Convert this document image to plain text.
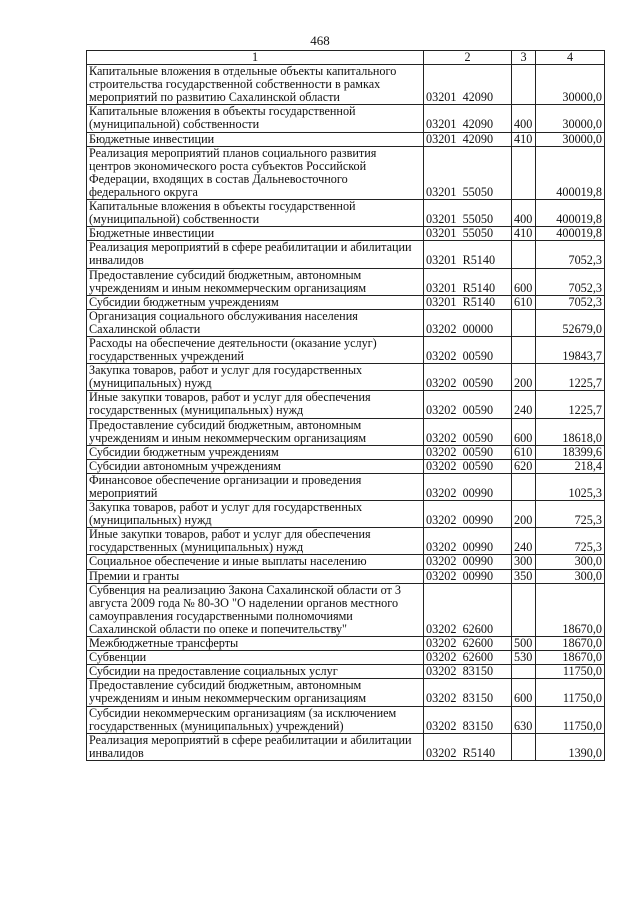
468
1	2	3	4
Капитальные вложения в отдельные объекты капитального строительства государственной собственности в рамках мероприятий по развитию Сахалинской области	03201  42090		30000,0
Капитальные вложения в объекты государственной (муниципальной) собственности	03201  42090	400	30000,0
Бюджетные инвестиции	03201  42090	410	30000,0
Реализация мероприятий планов социального развития центров экономического роста субъектов Российской Федерации, входящих в состав Дальневосточного федерального округа	03201  55050		400019,8
Капитальные вложения в объекты государственной (муниципальной) собственности	03201  55050	400	400019,8
Бюджетные инвестиции	03201  55050	410	400019,8
Реализация мероприятий в сфере реабилитации и абилитации инвалидов	03201  R5140		7052,3
Предоставление субсидий бюджетным, автономным учреждениям и иным некоммерческим организациям	03201  R5140	600	7052,3
Субсидии бюджетным учреждениям	03201  R5140	610	7052,3
Организация социального обслуживания населения Сахалинской области	03202  00000		52679,0
Расходы на обеспечение деятельности (оказание услуг) государственных учреждений	03202  00590		19843,7
Закупка товаров, работ и услуг для государственных (муниципальных) нужд	03202  00590	200	1225,7
Иные закупки товаров, работ и услуг для обеспечения государственных (муниципальных) нужд	03202  00590	240	1225,7
Предоставление субсидий бюджетным, автономным учреждениям и иным некоммерческим организациям	03202  00590	600	18618,0
Субсидии бюджетным учреждениям	03202  00590	610	18399,6
Субсидии автономным учреждениям	03202  00590	620	218,4
Финансовое обеспечение организации и проведения мероприятий	03202  00990		1025,3
Закупка товаров, работ и услуг для государственных (муниципальных) нужд	03202  00990	200	725,3
Иные закупки товаров, работ и услуг для обеспечения государственных (муниципальных) нужд	03202  00990	240	725,3
Социальное обеспечение и иные выплаты населению	03202  00990	300	300,0
Премии и гранты	03202  00990	350	300,0
Субвенция на реализацию Закона Сахалинской области от 3 августа 2009 года № 80-ЗО "О наделении органов местного самоуправления государственными полномочиями Сахалинской области по опеке и попечительству"	03202  62600		18670,0
Межбюджетные трансферты	03202  62600	500	18670,0
Субвенции	03202  62600	530	18670,0
Субсидии на предоставление социальных услуг	03202  83150		11750,0
Предоставление субсидий бюджетным, автономным учреждениям и иным некоммерческим организациям	03202  83150	600	11750,0
Субсидии некоммерческим организациям (за исключением государственных (муниципальных) учреждений)	03202  83150	630	11750,0
Реализация мероприятий в сфере реабилитации и абилитации инвалидов	03202  R5140		1390,0
